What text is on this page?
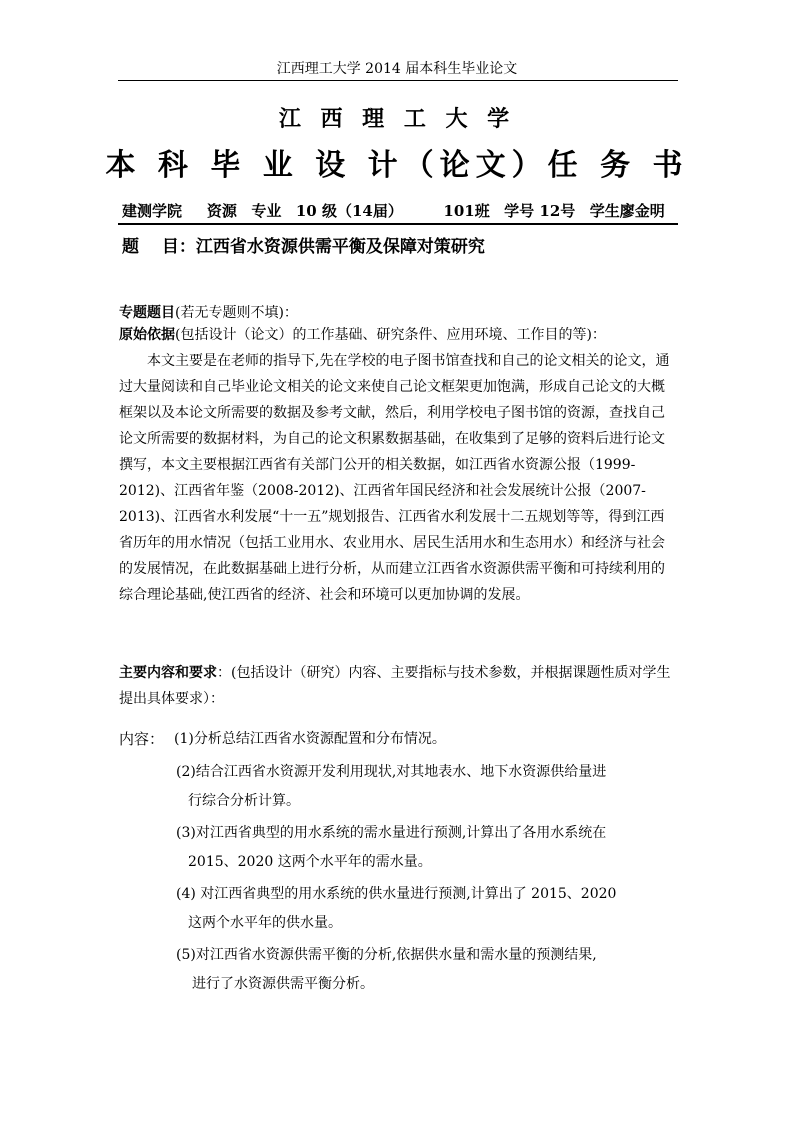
江西理工大学 2014 届本科生毕业论文
江 西 理 工 大 学
本 科 毕 业 设 计（论文）任 务 书
建测学院 资源 专业 10 级（14届）	101班 学号 12号 学生廖金明
题　 目：江西省水资源供需平衡及保障对策研究
专题题目(若无专题则不填)：
原始依据(包括设计（论文）的工作基础、研究条件、应用环境、工作目的等)：

本文主要是在老师的指导下,先在学校的电子图书馆查找和自己的论文相关的论文，通过大量阅读和自己毕业论文相关的论文来使自己论文框架更加饱满，形成自己论文的大概框架以及本论文所需要的数据及参考文献，然后，利用学校电子图书馆的资源，查找自己论文所需要的数据材料，为自己的论文积累数据基础，在收集到了足够的资料后进行论文撰写，本文主要根据江西省有关部门公开的相关数据，如江西省水资源公报（1999-2012)、江西省年鉴（2008-2012)、江西省年国民经济和社会发展统计公报（2007-2013)、江西省水利发展“十一五”规划报告、江西省水利发展十二五规划等等，得到江西省历年的用水情况（包括工业用水、农业用水、居民生活用水和生态用水）和经济与社会的发展情况，在此数据基础上进行分析，从而建立江西省水资源供需平衡和可持续利用的综合理论基础,使江西省的经济、社会和环境可以更加协调的发展。

主要内容和要求：(包括设计（研究）内容、主要指标与技术参数，并根据课题性质对学生提出具体要求）：
内容： (1)分析总结江西省水资源配置和分布情况。
(2)结合江西省水资源开发利用现状,对其地表水、地下水资源供给量进
行综合分析计算。
(3)对江西省典型的用水系统的需水量进行预测,计算出了各用水系统在
2015、2020 这两个水平年的需水量。
(4) 对江西省典型的用水系统的供水量进行预测,计算出了 2015、2020
这两个水平年的供水量。
(5)对江西省水资源供需平衡的分析,依据供水量和需水量的预测结果,
进行了水资源供需平衡分析。
